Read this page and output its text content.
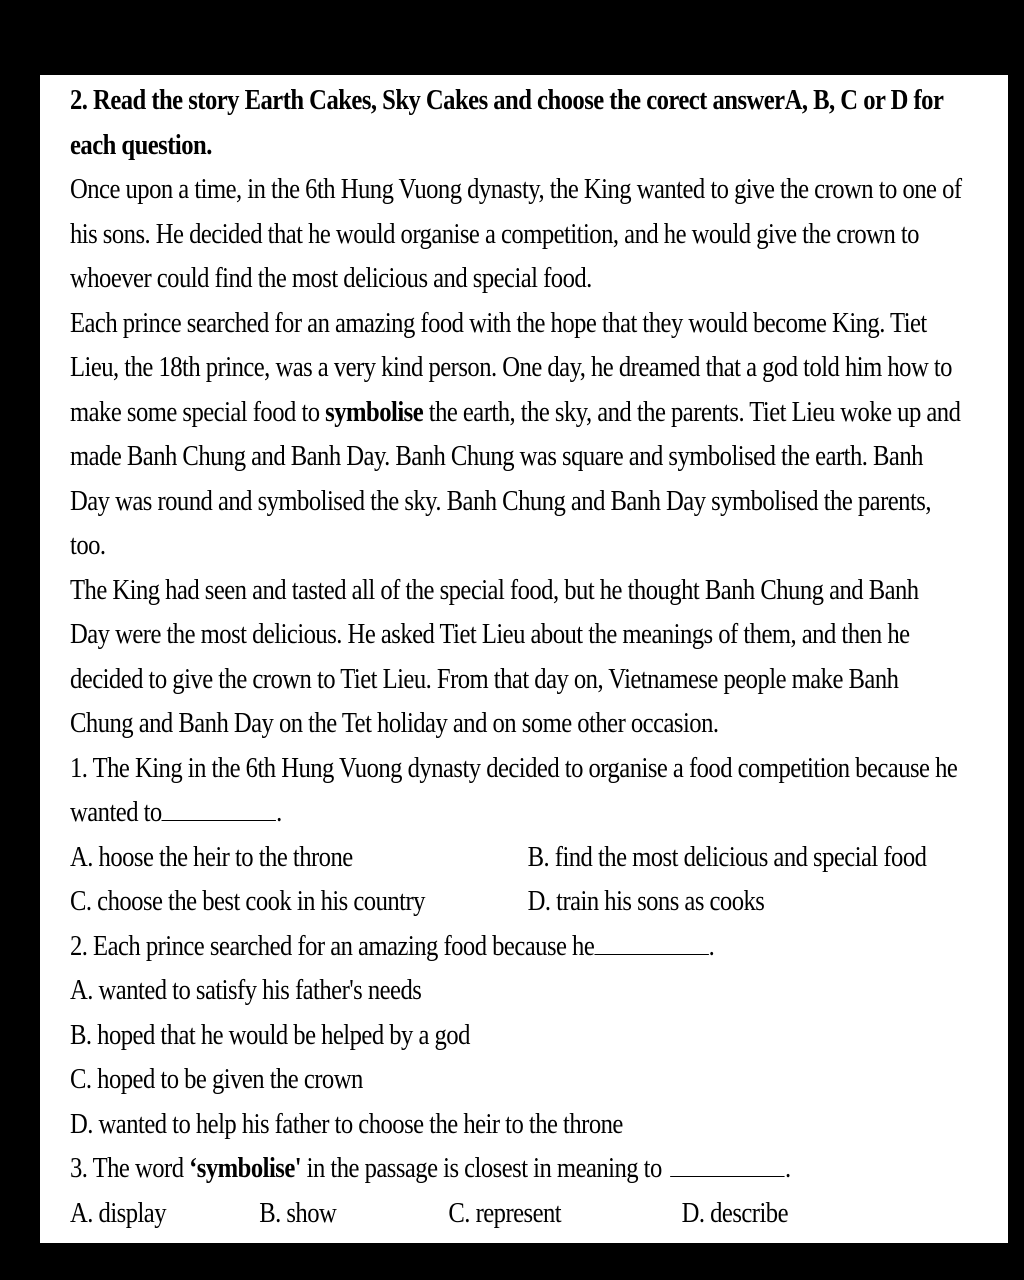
2. Read the story Earth Cakes, Sky Cakes and choose the corect answerA, B, C or D for
each question.
Once upon a time, in the 6th Hung Vuong dynasty, the King wanted to give the crown to one of
his sons. He decided that he would organise a competition, and he would give the crown to
whoever could find the most delicious and special food.
Each prince searched for an amazing food with the hope that they would become King. Tiet
Lieu, the 18th prince, was a very kind person. One day, he dreamed that a god told him how to
make some special food to symbolise the earth, the sky, and the parents. Tiet Lieu woke up and
made Banh Chung and Banh Day. Banh Chung was square and symbolised the earth. Banh
Day was round and symbolised the sky. Banh Chung and Banh Day symbolised the parents,
too.
The King had seen and tasted all of the special food, but he thought Banh Chung and Banh
Day were the most delicious. He asked Tiet Lieu about the meanings of them, and then he
decided to give the crown to Tiet Lieu. From that day on, Vietnamese people make Banh
Chung and Banh Day on the Tet holiday and on some other occasion.
1. The King in the 6th Hung Vuong dynasty decided to organise a food competition because he
wanted to	.
A. hoose the heir to the throne	B. find the most delicious and special food
C. choose the best cook in his country	D. train his sons as cooks
2. Each prince searched for an amazing food because he	.
A. wanted to satisfy his father's needs
B. hoped that he would be helped by a god
C. hoped to be given the crown
D. wanted to help his father to choose the heir to the throne
3. The word ‘symbolise' in the passage is closest in meaning to	.
A. display	B. show	C. represent	D. describe
